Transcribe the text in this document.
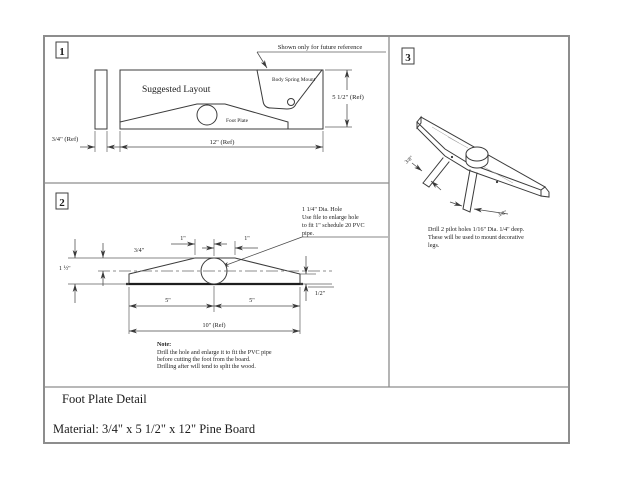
1
Suggested Layout
Body Spring Mount
Foot Plate
Shown only for future reference
5 1/2" (Ref)
12" (Ref)
3/4" (Ref)
2
1 1/4" Dia. Hole
Use file to enlarge hole
to fit 1" schedule 20 PVC
pipe.
1"	1"
3/4"
1 ½"
1/2"
5"	5"
10" (Ref)
Note:
Drill the hole and enlarge it to fit the PVC pipe
before cutting the foot from the board.
Drilling after will tend to split the wood.
3
3/8"
3/8"
Drill 2 pilot holes 1/16" Dia. 1/4" deep.
These will be used to mount decorative
legs.
Foot Plate Detail
Material: 3/4" x 5 1/2" x 12" Pine Board
